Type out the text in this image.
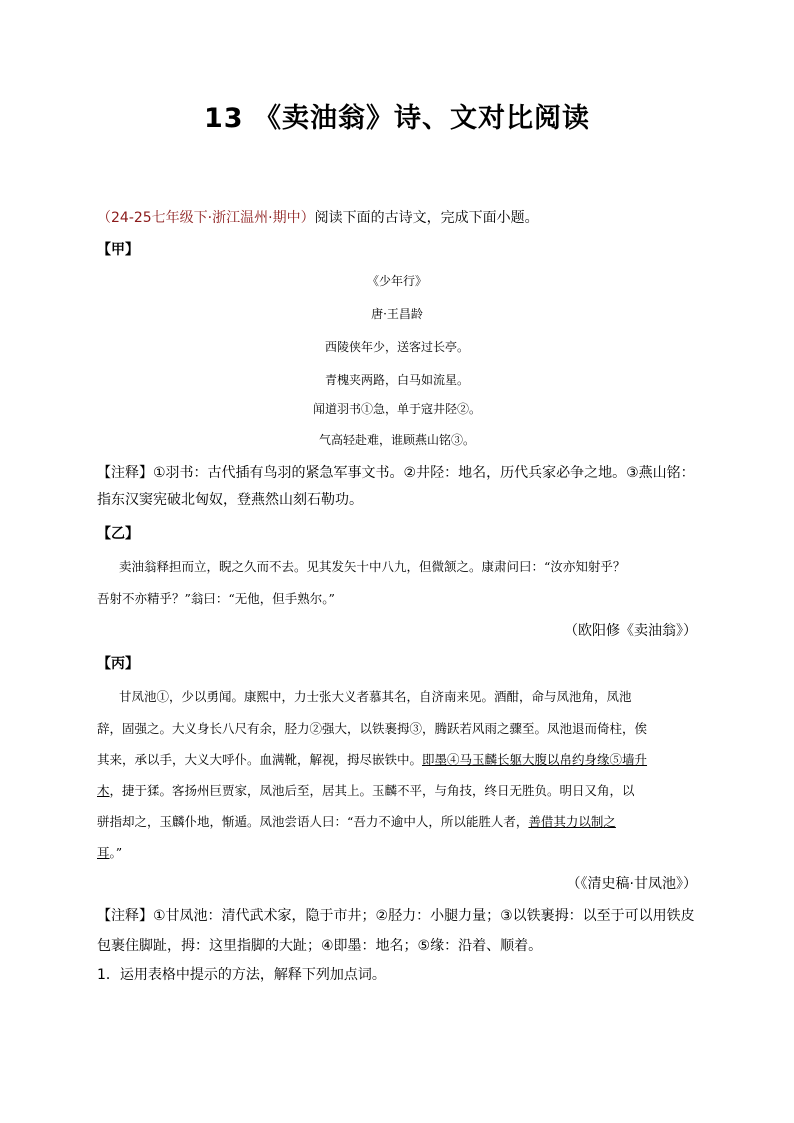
13 《卖油翁》诗、文对比阅读
（24-25七年级下·浙江温州·期中）阅读下面的古诗文，完成下面小题。
【甲】
《少年行》
唐·王昌龄
西陵侠年少，送客过长亭。
青槐夹两路，白马如流星。
闻道羽书①急，单于寇井陉②。
气高轻赴难，谁顾燕山铭③。
【注释】①羽书：古代插有鸟羽的紧急军事文书。②井陉：地名，历代兵家必争之地。③燕山铭：
指东汉窦宪破北匈奴，登燕然山刻石勒功。
【乙】
卖油翁释担而立，睨之久而不去。见其发矢十中八九，但微颔之。康肃问曰：“汝亦知射乎？
吾射不亦精乎？”翁曰：“无他，但手熟尔。”
（欧阳修《卖油翁》）
【丙】
甘凤池①，少以勇闻。康熙中，力士张大义者慕其名，自济南来见。酒酣，命与凤池角，凤池
辞，固强之。大义身长八尺有余，胫力②强大，以铁裹拇③，腾跃若风雨之骤至。凤池退而倚柱，俟
其来，承以手，大义大呼仆。血满靴，解视，拇尽嵌铁中。即墨④马玉麟长躯大腹以帛约身缘⑤墙升
木，捷于猱。客扬州巨贾家，凤池后至，居其上。玉麟不平，与角技，终日无胜负。明日又角，以
骈指却之，玉麟仆地，惭遁。凤池尝语人曰：“吾力不逾中人，所以能胜人者，善借其力以制之
耳。”
（《清史稿·甘凤池》）
【注释】①甘凤池：清代武术家，隐于市井；②胫力：小腿力量；③以铁裹拇：以至于可以用铁皮
包裹住脚趾，拇：这里指脚的大趾；④即墨：地名；⑤缘：沿着、顺着。
1．运用表格中提示的方法，解释下列加点词。
